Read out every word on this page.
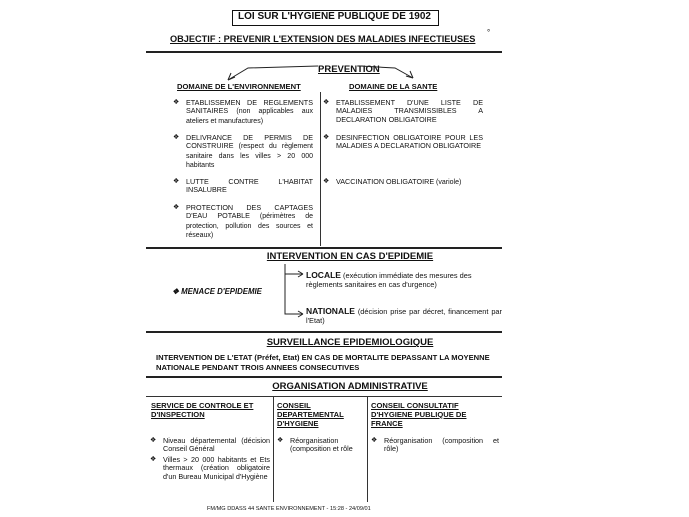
LOI SUR L'HYGIENE PUBLIQUE DE 1902
°
OBJECTIF : PREVENIR L'EXTENSION DES MALADIES INFECTIEUSES
PREVENTION
DOMAINE DE L'ENVIRONNEMENT	DOMAINE DE LA SANTE
❖ ETABLISSEMEN DE REGLEMENTS SANITAIRES (non applicables aux ateliers et manufactures)
❖ DELIVRANCE DE PERMIS DE CONSTRUIRE (respect du règlement sanitaire dans les villes > 20 000 habitants
❖ LUTTE CONTRE L'HABITAT INSALUBRE
❖ PROTECTION DES CAPTAGES D'EAU POTABLE (périmètres de protection, pollution des sources et réseaux)
❖ ETABLISSEMENT D'UNE LISTE DE MALADIES TRANSMISSIBLES A DECLARATION OBLIGATOIRE
❖ DESINFECTION OBLIGATOIRE POUR LES MALADIES A DECLARATION OBLIGATOIRE
❖ VACCINATION OBLIGATOIRE (variole)
INTERVENTION EN CAS D'EPIDEMIE
LOCALE (exécution immédiate des mesures des règlements sanitaires en cas d'urgence)
❖ MENACE D'EPIDEMIE
NATIONALE (décision prise par décret, financement par l'Etat)
SURVEILLANCE EPIDEMIOLOGIQUE
INTERVENTION DE L'ETAT (Préfet, Etat) EN CAS DE MORTALITE DEPASSANT LA MOYENNE NATIONALE PENDANT TROIS ANNEES CONSECUTIVES
ORGANISATION ADMINISTRATIVE
SERVICE DE CONTROLE ET D'INSPECTION
CONSEIL DEPARTEMENTAL D'HYGIENE
CONSEIL CONSULTATIF D'HYGIENE PUBLIQUE DE FRANCE
❖ Niveau départemental (décision Conseil Général
❖ Villes > 20 000 habitants et Ets thermaux (création obligatoire d'un Bureau Municipal d'Hygiène
❖ Réorganisation (composition et rôle
❖ Réorganisation (composition et rôle)
FM/MG DDASS 44 SANTE ENVIRONNEMENT - 15:28 - 24/09/01
